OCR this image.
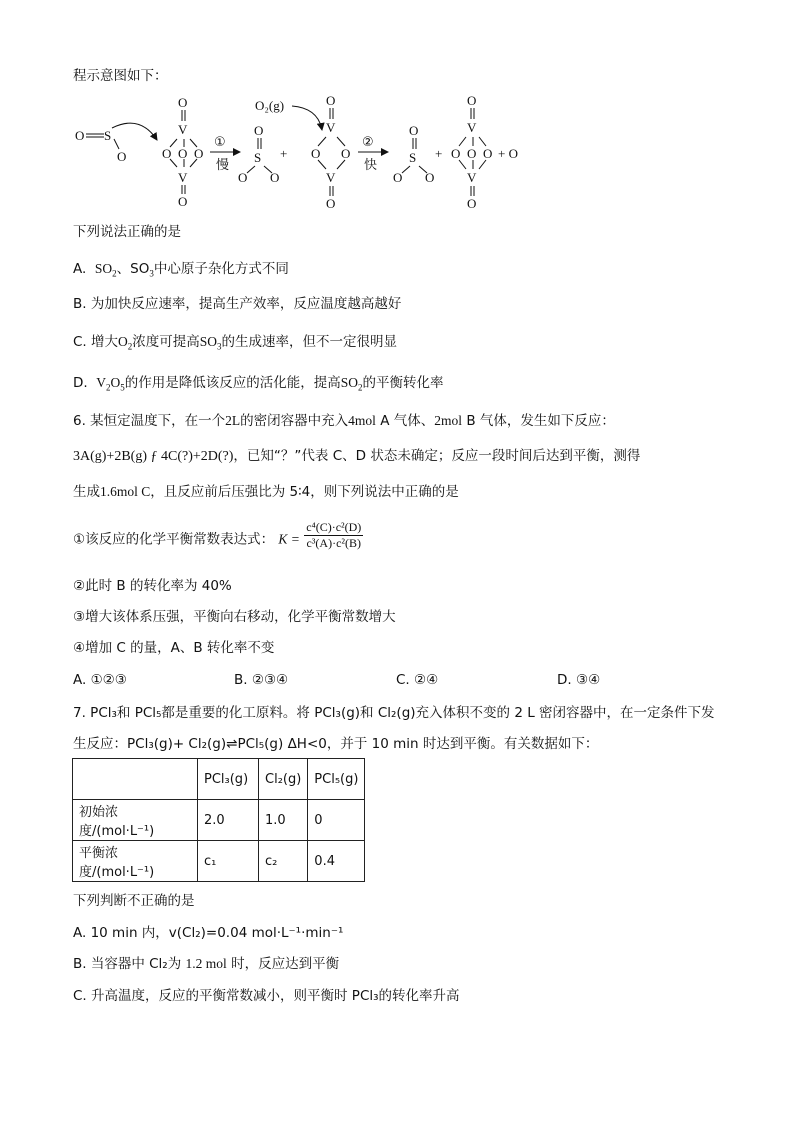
程示意图如下：
O S
O
O
V
O O O
V
O
①
慢
O
S
O O
+
O₂(g)	O
V
O O
V
O
②
快
O
S
O O
+
O
V
O O O
V
O
+ O
下列说法正确的是
A. $SO_2$、$SO_3$中心原子杂化方式不同
B. 为加快反应速率，提高生产效率，反应温度越高越好
C. 增大$O_2$浓度可提高$SO_3$的生成速率，但不一定很明显
D. $V_2O_5$的作用是降低该反应的活化能，提高$SO_2$的平衡转化率
6. 某恒定温度下，在一个2L的密闭容器中充入4mol A 气体、2mol B 气体，发生如下反应：
3A(g)+2B(g) ƒ 4C(?)+2D(?)，已知“？”代表 C、D 状态未确定；反应一段时间后达到平衡，测得
生成1.6mol C，且反应前后压强比为 5∶4，则下列说法中正确的是
①该反应的化学平衡常数表达式： $K = \frac{\text{c⁴(C)·c²(D)}}{\text{c³(A)·c²(B)}}$
②此时 B 的转化率为 40%
③增大该体系压强，平衡向右移动，化学平衡常数增大
④增加 C 的量，A、B 转化率不变
A. ①②③	B. ②③④	C. ②④	D. ③④
7. PCl₃和 PCl₅都是重要的化工原料。将 PCl₃(g)和 Cl₂(g)充入体积不变的 2 L 密闭容器中，在一定条件下发
生反应：PCl₃(g)+ Cl₂(g)⇌PCl₅(g) ΔH<0，并于 10 min 时达到平衡。有关数据如下：
	PCl₃(g)	Cl₂(g)	PCl₅(g)
初始浓度/(mol·L⁻¹)	2.0	1.0	0
平衡浓度/(mol·L⁻¹)	c₁	c₂	0.4
下列判断不正确的是
A. 10 min 内，v(Cl₂)=0.04 mol·L⁻¹·min⁻¹
B. 当容器中 Cl₂为 1.2 mol 时，反应达到平衡
C. 升高温度，反应的平衡常数减小，则平衡时 PCl₃的转化率升高
